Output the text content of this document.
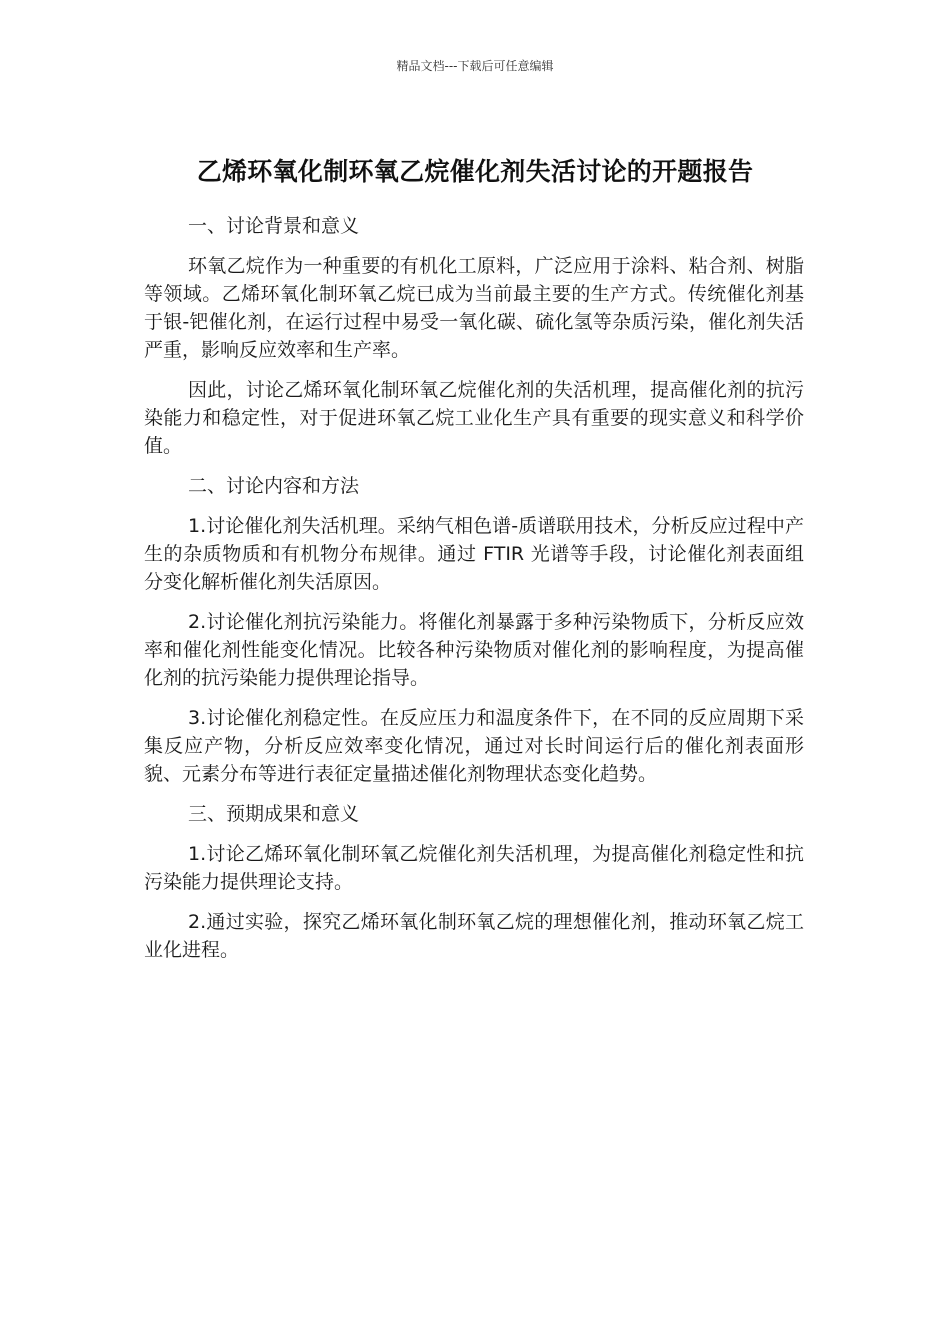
精品文档---下载后可任意编辑
乙烯环氧化制环氧乙烷催化剂失活讨论的开题报告

一、讨论背景和意义

环氧乙烷作为一种重要的有机化工原料，广泛应用于涂料、粘合剂、树脂等领域。乙烯环氧化制环氧乙烷已成为当前最主要的生产方式。传统催化剂基于银-钯催化剂，在运行过程中易受一氧化碳、硫化氢等杂质污染，催化剂失活严重，影响反应效率和生产率。

因此，讨论乙烯环氧化制环氧乙烷催化剂的失活机理，提高催化剂的抗污染能力和稳定性，对于促进环氧乙烷工业化生产具有重要的现实意义和科学价值。

二、讨论内容和方法

1.讨论催化剂失活机理。采纳气相色谱-质谱联用技术，分析反应过程中产生的杂质物质和有机物分布规律。通过 FTIR 光谱等手段，讨论催化剂表面组分变化解析催化剂失活原因。

2.讨论催化剂抗污染能力。将催化剂暴露于多种污染物质下，分析反应效率和催化剂性能变化情况。比较各种污染物质对催化剂的影响程度，为提高催化剂的抗污染能力提供理论指导。

3.讨论催化剂稳定性。在反应压力和温度条件下，在不同的反应周期下采集反应产物，分析反应效率变化情况，通过对长时间运行后的催化剂表面形貌、元素分布等进行表征定量描述催化剂物理状态变化趋势。

三、预期成果和意义

1.讨论乙烯环氧化制环氧乙烷催化剂失活机理，为提高催化剂稳定性和抗污染能力提供理论支持。

2.通过实验，探究乙烯环氧化制环氧乙烷的理想催化剂，推动环氧乙烷工业化进程。
